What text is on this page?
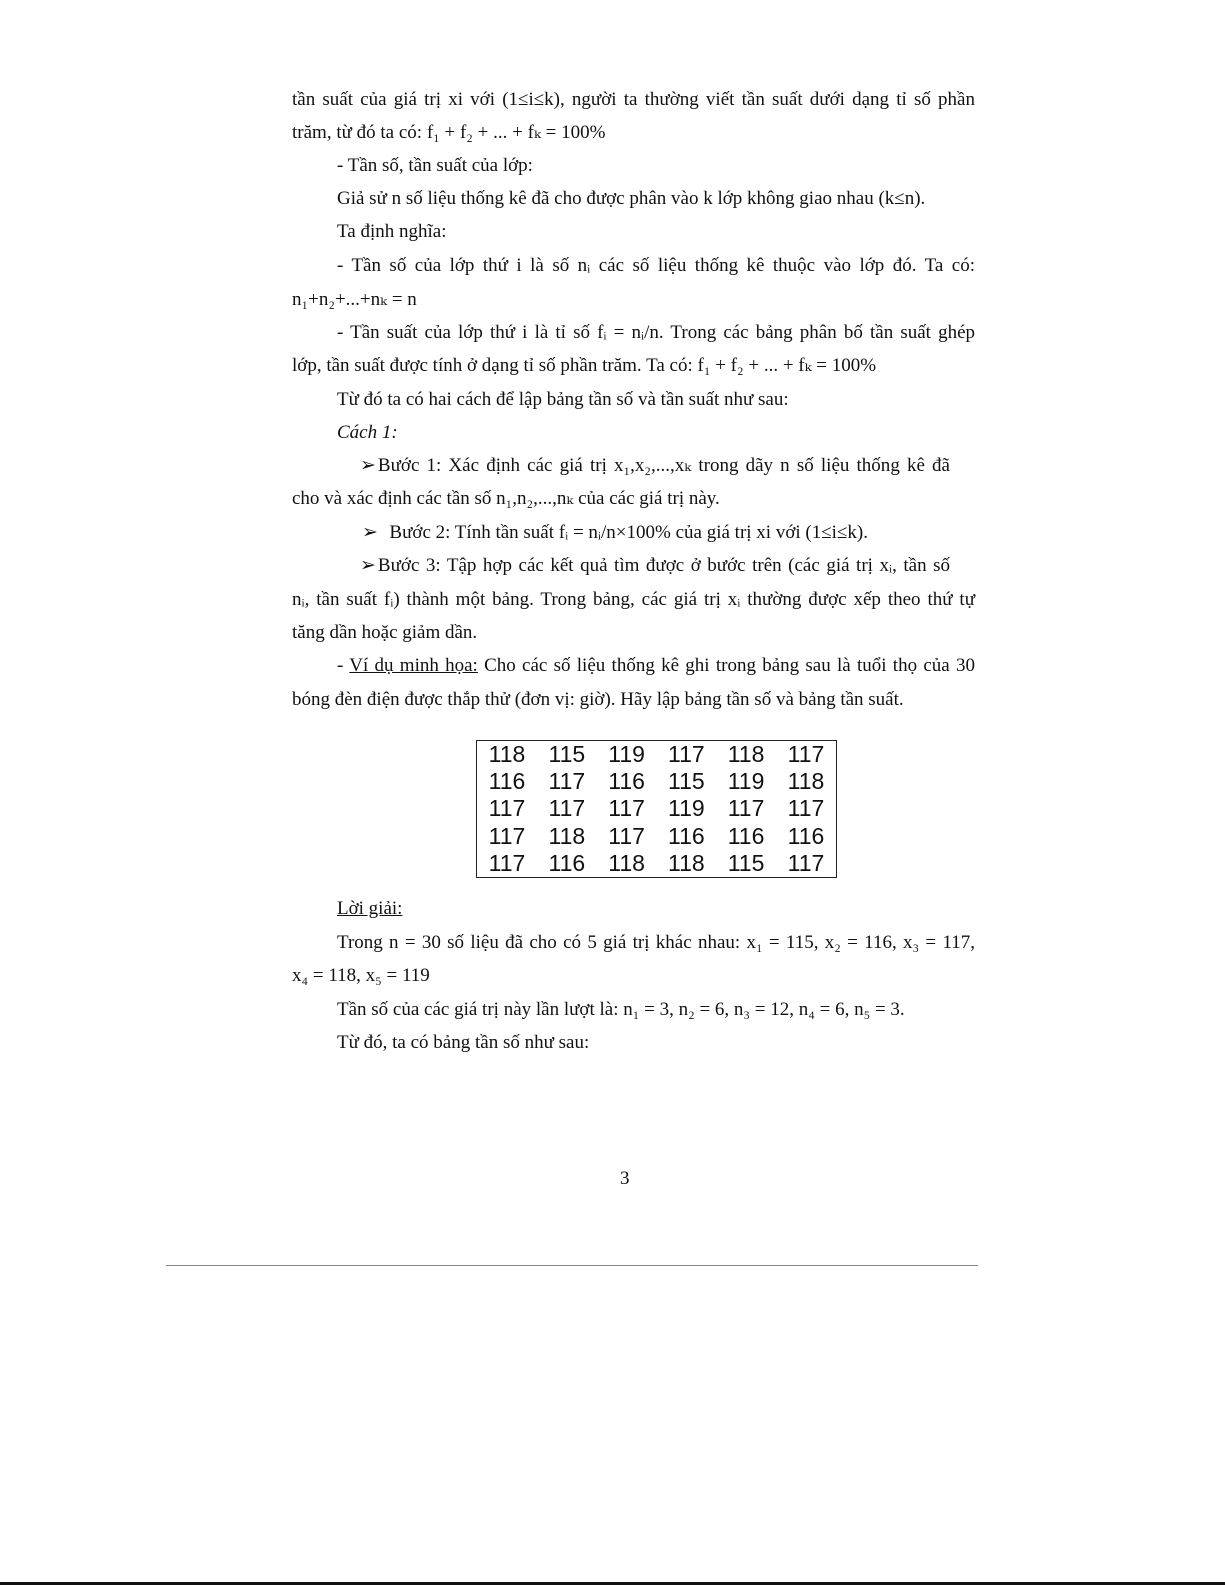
tần suất của giá trị xi với (1≤i≤k), người ta thường viết tần suất dưới dạng tỉ số phần
trăm, từ đó ta có: f₁ + f₂ + ... + fₖ = 100%
- Tần số, tần suất của lớp:
Giả sử n số liệu thống kê đã cho được phân vào k lớp không giao nhau (k≤n).
Ta định nghĩa:
- Tần số của lớp thứ i là số nᵢ các số liệu thống kê thuộc vào lớp đó. Ta có:
n₁+n₂+...+nₖ = n
- Tần suất của lớp thứ i là tỉ số fᵢ = nᵢ/n. Trong các bảng phân bố tần suất ghép
lớp, tần suất được tính ở dạng tỉ số phần trăm. Ta có: f₁ + f₂ + ... + fₖ = 100%
Từ đó ta có hai cách để lập bảng tần số và tần suất như sau:
Cách 1:
➢ Bước 1: Xác định các giá trị x₁,x₂,...,xₖ trong dãy n số liệu thống kê đã
cho và xác định các tần số n₁,n₂,...,nₖ của các giá trị này.
➢ Bước 2: Tính tần suất fᵢ = nᵢ/n×100% của giá trị xi với (1≤i≤k).
➢ Bước 3: Tập hợp các kết quả tìm được ở bước trên (các giá trị xᵢ, tần số
nᵢ, tần suất fᵢ) thành một bảng. Trong bảng, các giá trị xᵢ thường được xếp theo thứ tự
tăng dần hoặc giảm dần.
- Ví dụ minh họa: Cho các số liệu thống kê ghi trong bảng sau là tuổi thọ của 30
bóng đèn điện được thắp thử (đơn vị: giờ). Hãy lập bảng tần số và bảng tần suất.
118	115	119	117	118	117
116	117	116	115	119	118
117	117	117	119	117	117
117	118	117	116	116	116
117	116	118	118	115	117
Lời giải:
Trong n = 30 số liệu đã cho có 5 giá trị khác nhau: x₁ = 115, x₂ = 116, x₃ = 117,
x₄ = 118, x₅ = 119
Tần số của các giá trị này lần lượt là: n₁ = 3, n₂ = 6, n₃ = 12, n₄ = 6, n₅ = 3.
Từ đó, ta có bảng tần số như sau:
3
